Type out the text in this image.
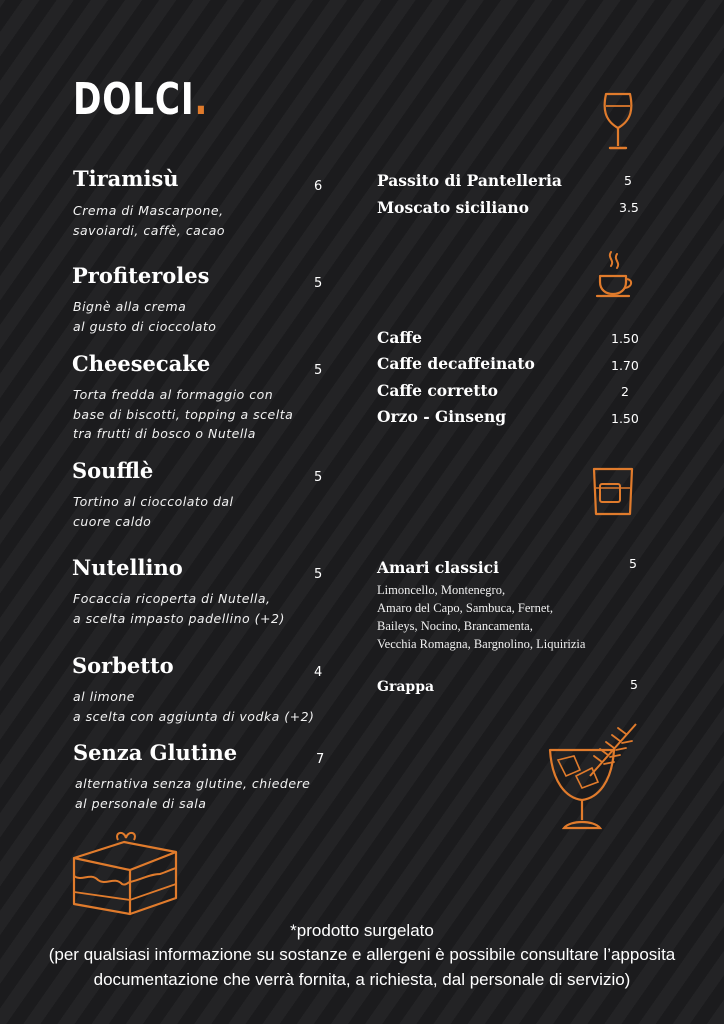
DOLCI.
Tiramisù	6
Crema di Mascarpone,
savoiardi, caffè, cacao
Profiteroles	5
Bignè alla crema
al gusto di cioccolato
Cheesecake	5
Torta fredda al formaggio con
base di biscotti, topping a scelta
tra frutti di bosco o Nutella
Soufflè	5
Tortino al cioccolato dal
cuore caldo
Nutellino	5
Focaccia ricoperta di Nutella,
a scelta impasto padellino (+2)
Sorbetto	4
al limone
a scelta con aggiunta di vodka (+2)
Senza Glutine	7
alternativa senza glutine, chiedere
al personale di sala
Passito di Pantelleria	5
Moscato siciliano	3.5
Caffe	1.50
Caffe decaffeinato	1.70
Caffe corretto	2
Orzo - Ginseng	1.50
Amari classici	5
Limoncello, Montenegro,
Amaro del Capo, Sambuca, Fernet,
Baileys, Nocino, Brancamenta,
Vecchia Romagna, Bargnolino, Liquirizia
Grappa	5
*prodotto surgelato
(per qualsiasi informazione su sostanze e allergeni è possibile consultare l’apposita
documentazione che verrà fornita, a richiesta, dal personale di servizio)
